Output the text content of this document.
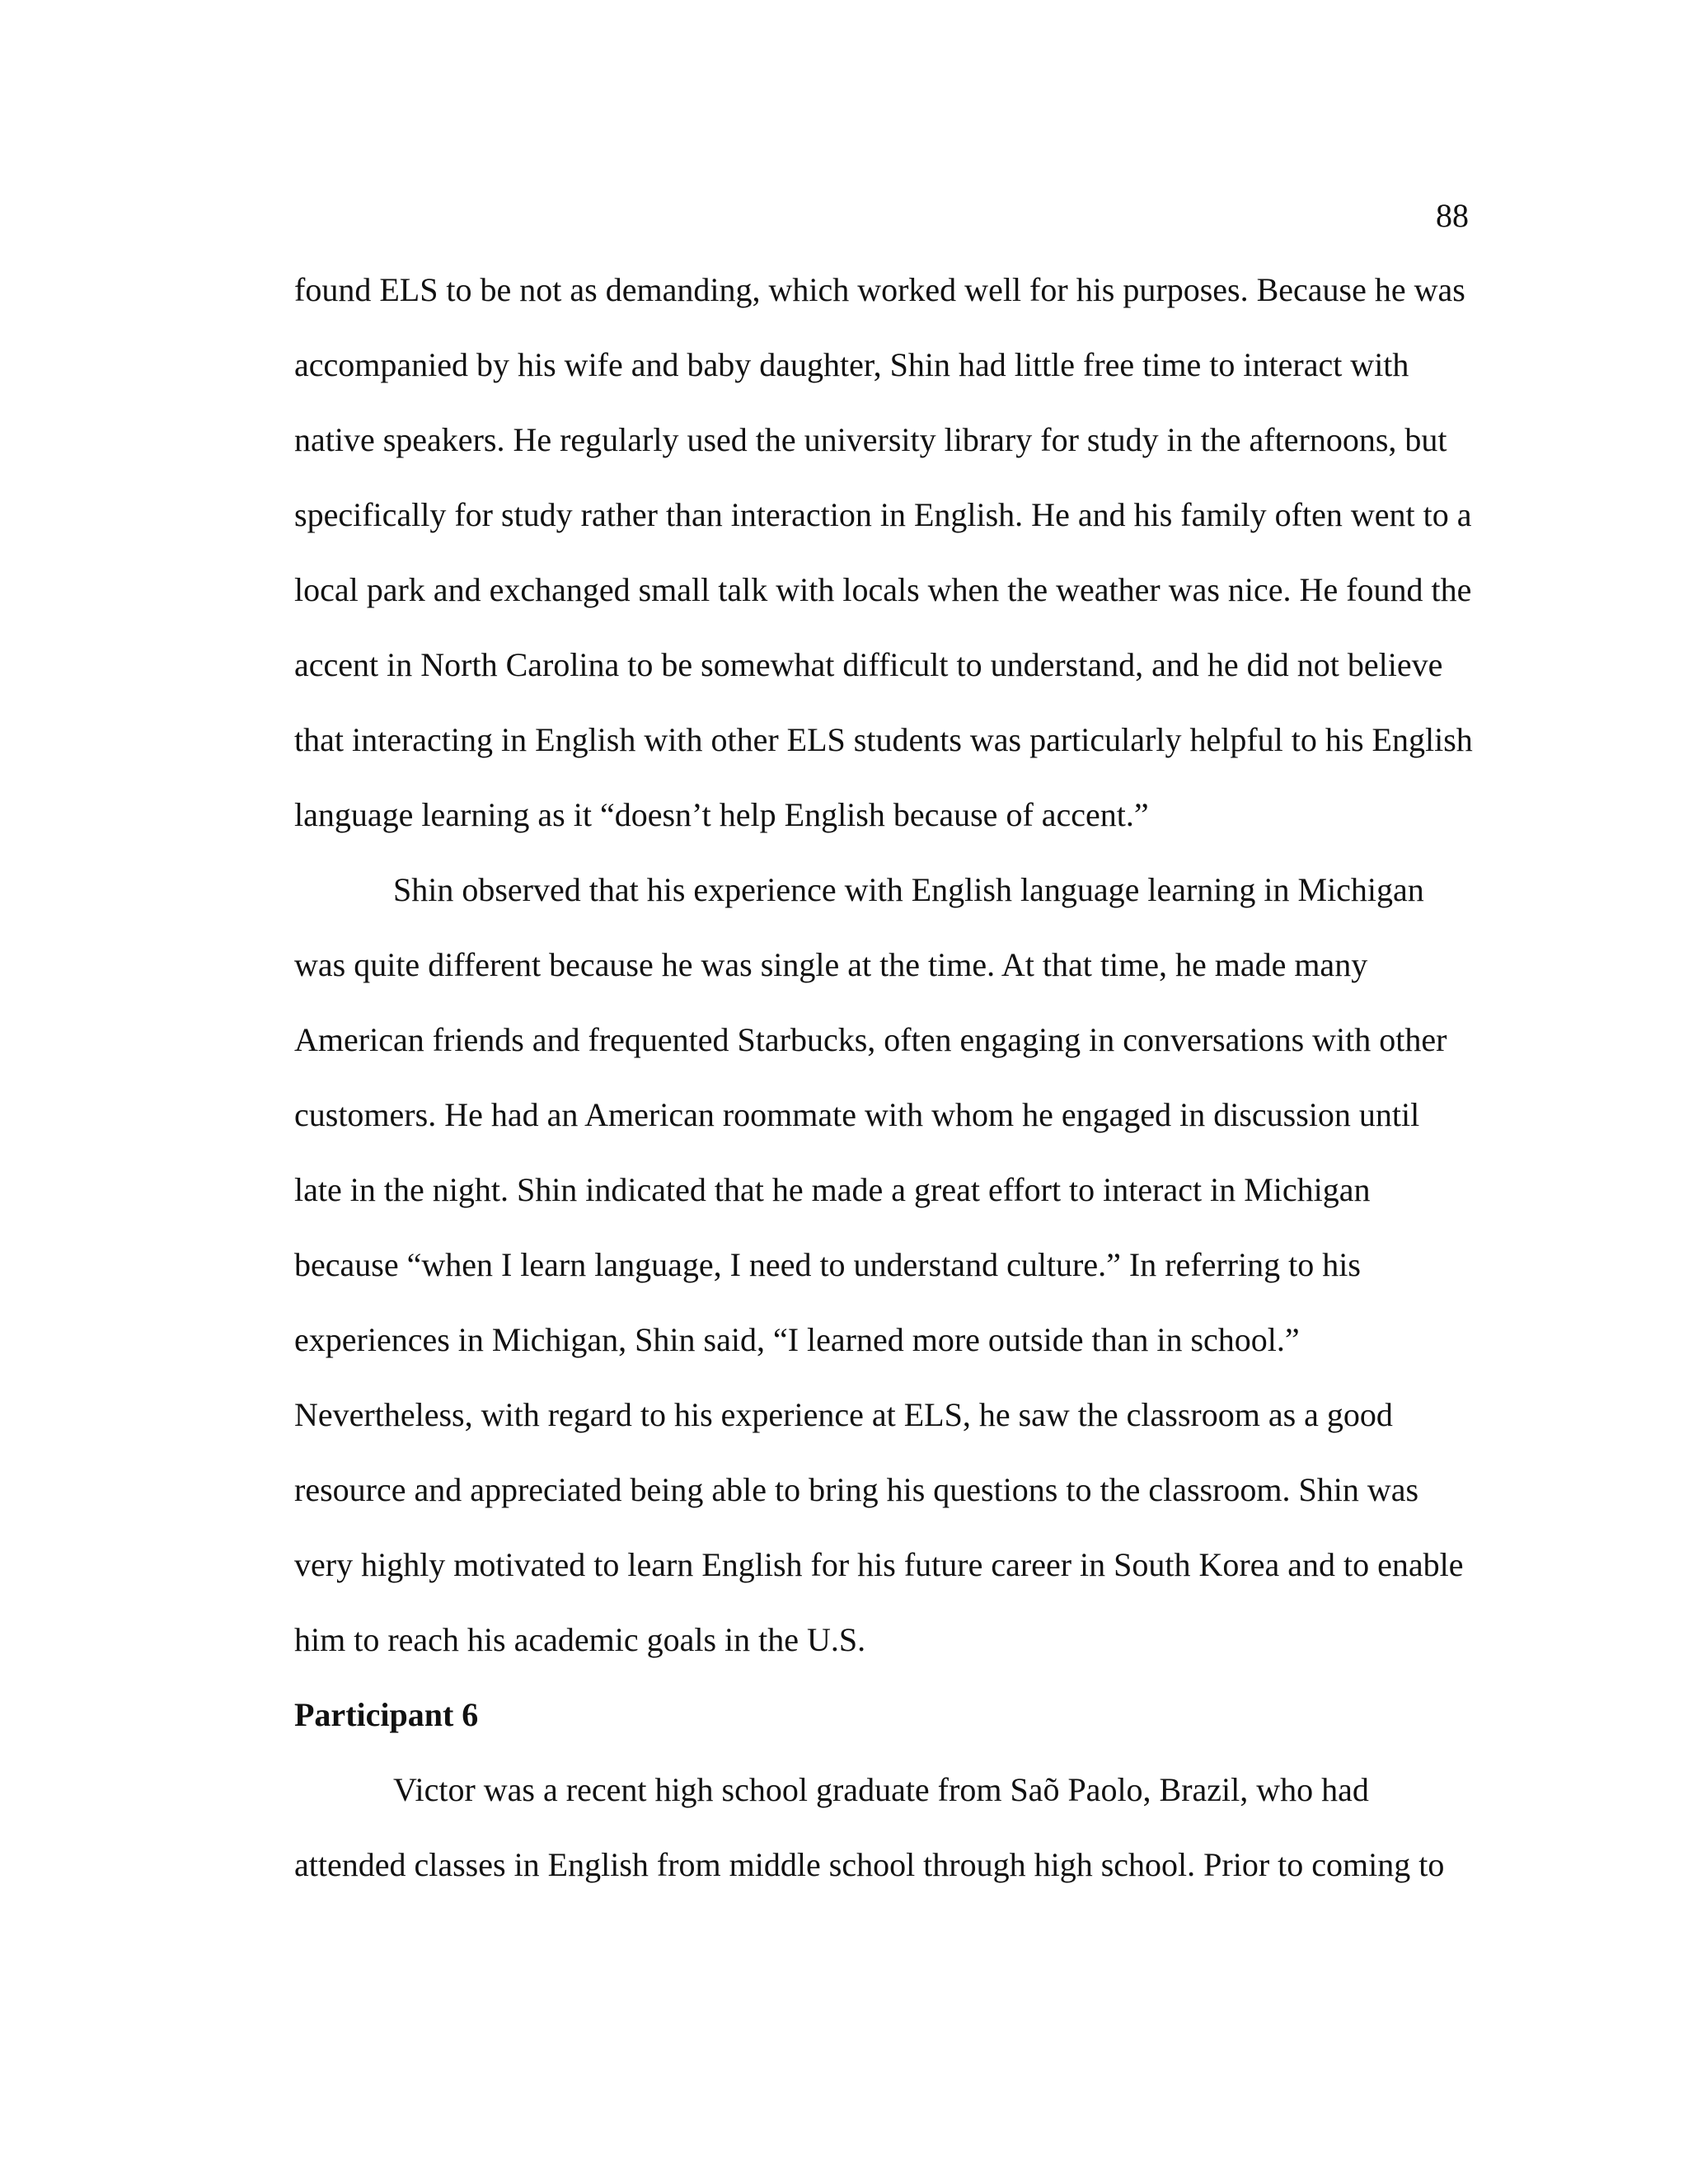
88

found ELS to be not as demanding, which worked well for his purposes. Because he was
accompanied by his wife and baby daughter, Shin had little free time to interact with
native speakers. He regularly used the university library for study in the afternoons, but
specifically for study rather than interaction in English. He and his family often went to a
local park and exchanged small talk with locals when the weather was nice. He found the
accent in North Carolina to be somewhat difficult to understand, and he did not believe
that interacting in English with other ELS students was particularly helpful to his English
language learning as it “doesn’t help English because of accent.”

Shin observed that his experience with English language learning in Michigan
was quite different because he was single at the time. At that time, he made many
American friends and frequented Starbucks, often engaging in conversations with other
customers. He had an American roommate with whom he engaged in discussion until
late in the night. Shin indicated that he made a great effort to interact in Michigan
because “when I learn language, I need to understand culture.” In referring to his
experiences in Michigan, Shin said, “I learned more outside than in school.”
Nevertheless, with regard to his experience at ELS, he saw the classroom as a good
resource and appreciated being able to bring his questions to the classroom. Shin was
very highly motivated to learn English for his future career in South Korea and to enable
him to reach his academic goals in the U.S.

Participant 6

Victor was a recent high school graduate from Saõ Paolo, Brazil, who had
attended classes in English from middle school through high school. Prior to coming to
